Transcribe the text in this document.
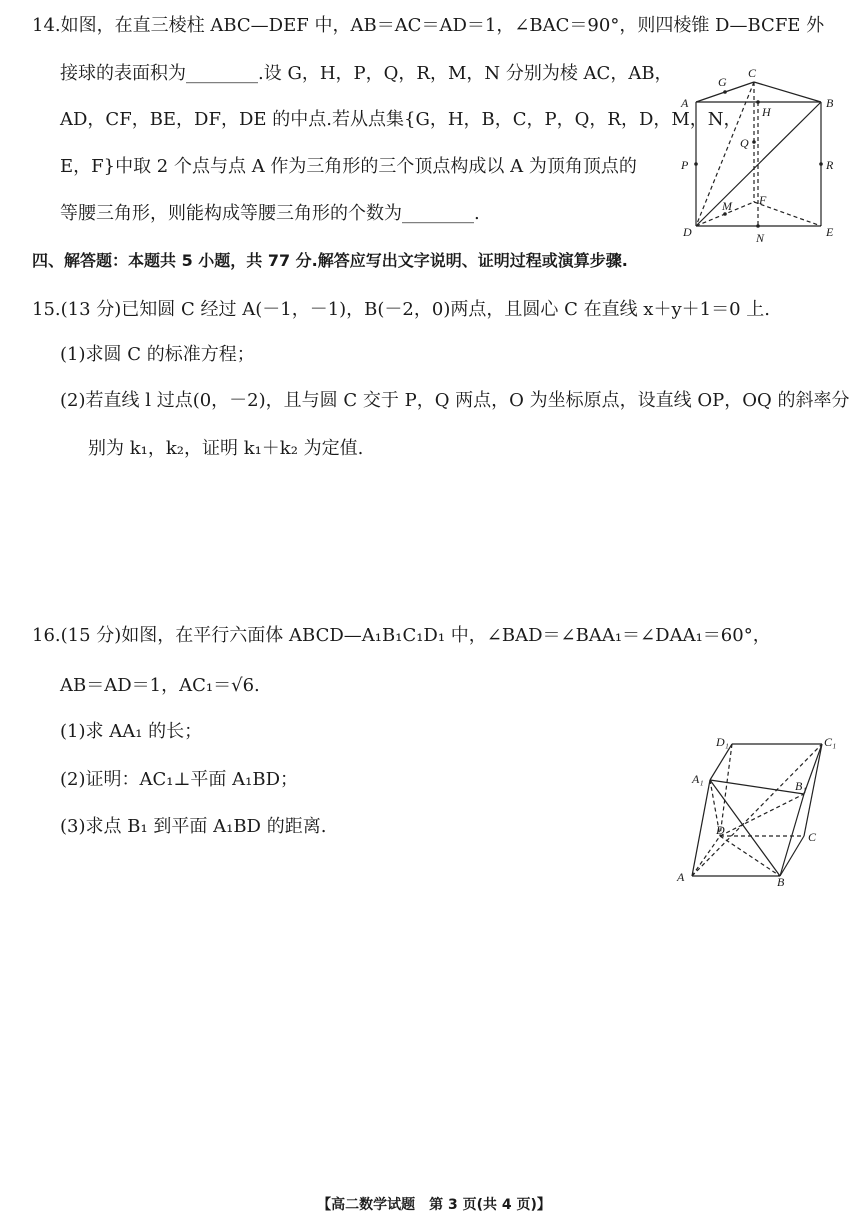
14.如图，在直三棱柱 ABC—DEF 中，AB＝AC＝AD＝1，∠BAC＝90°，则四棱锥 D—BCFE 外
接球的表面积为________.设 G，H，P，Q，R，M，N 分别为棱 AC，AB，
AD，CF，BE，DF，DE 的中点.若从点集{G，H，B，C，P，Q，R，D，M，N，
E，F}中取 2 个点与点 A 作为三角形的三个顶点构成以 A 为顶角顶点的
等腰三角形，则能构成等腰三角形的个数为________.
A	B
C
G
H
P	R
Q
F
M
D	E
N
四、解答题：本题共 5 小题，共 77 分.解答应写出文字说明、证明过程或演算步骤.
15.(13 分)已知圆 C 经过 A(－1，－1)，B(－2，0)两点，且圆心 C 在直线 x＋y＋1＝0 上.
(1)求圆 C 的标准方程；
(2)若直线 l 过点(0，－2)，且与圆 C 交于 P，Q 两点，O 为坐标原点，设直线 OP，OQ 的斜率分
别为 k₁，k₂，证明 k₁＋k₂ 为定值.
16.(15 分)如图，在平行六面体 ABCD—A₁B₁C₁D₁ 中，∠BAD＝∠BAA₁＝∠DAA₁＝60°，
AB＝AD＝1，AC₁＝√6.
(1)求 AA₁ 的长；
(2)证明：AC₁⊥平面 A₁BD；
(3)求点 B₁ 到平面 A₁BD 的距离.
D₁	C₁
A₁	B₁
D	C
A	B
【高二数学试题　第 3 页(共 4 页)】
